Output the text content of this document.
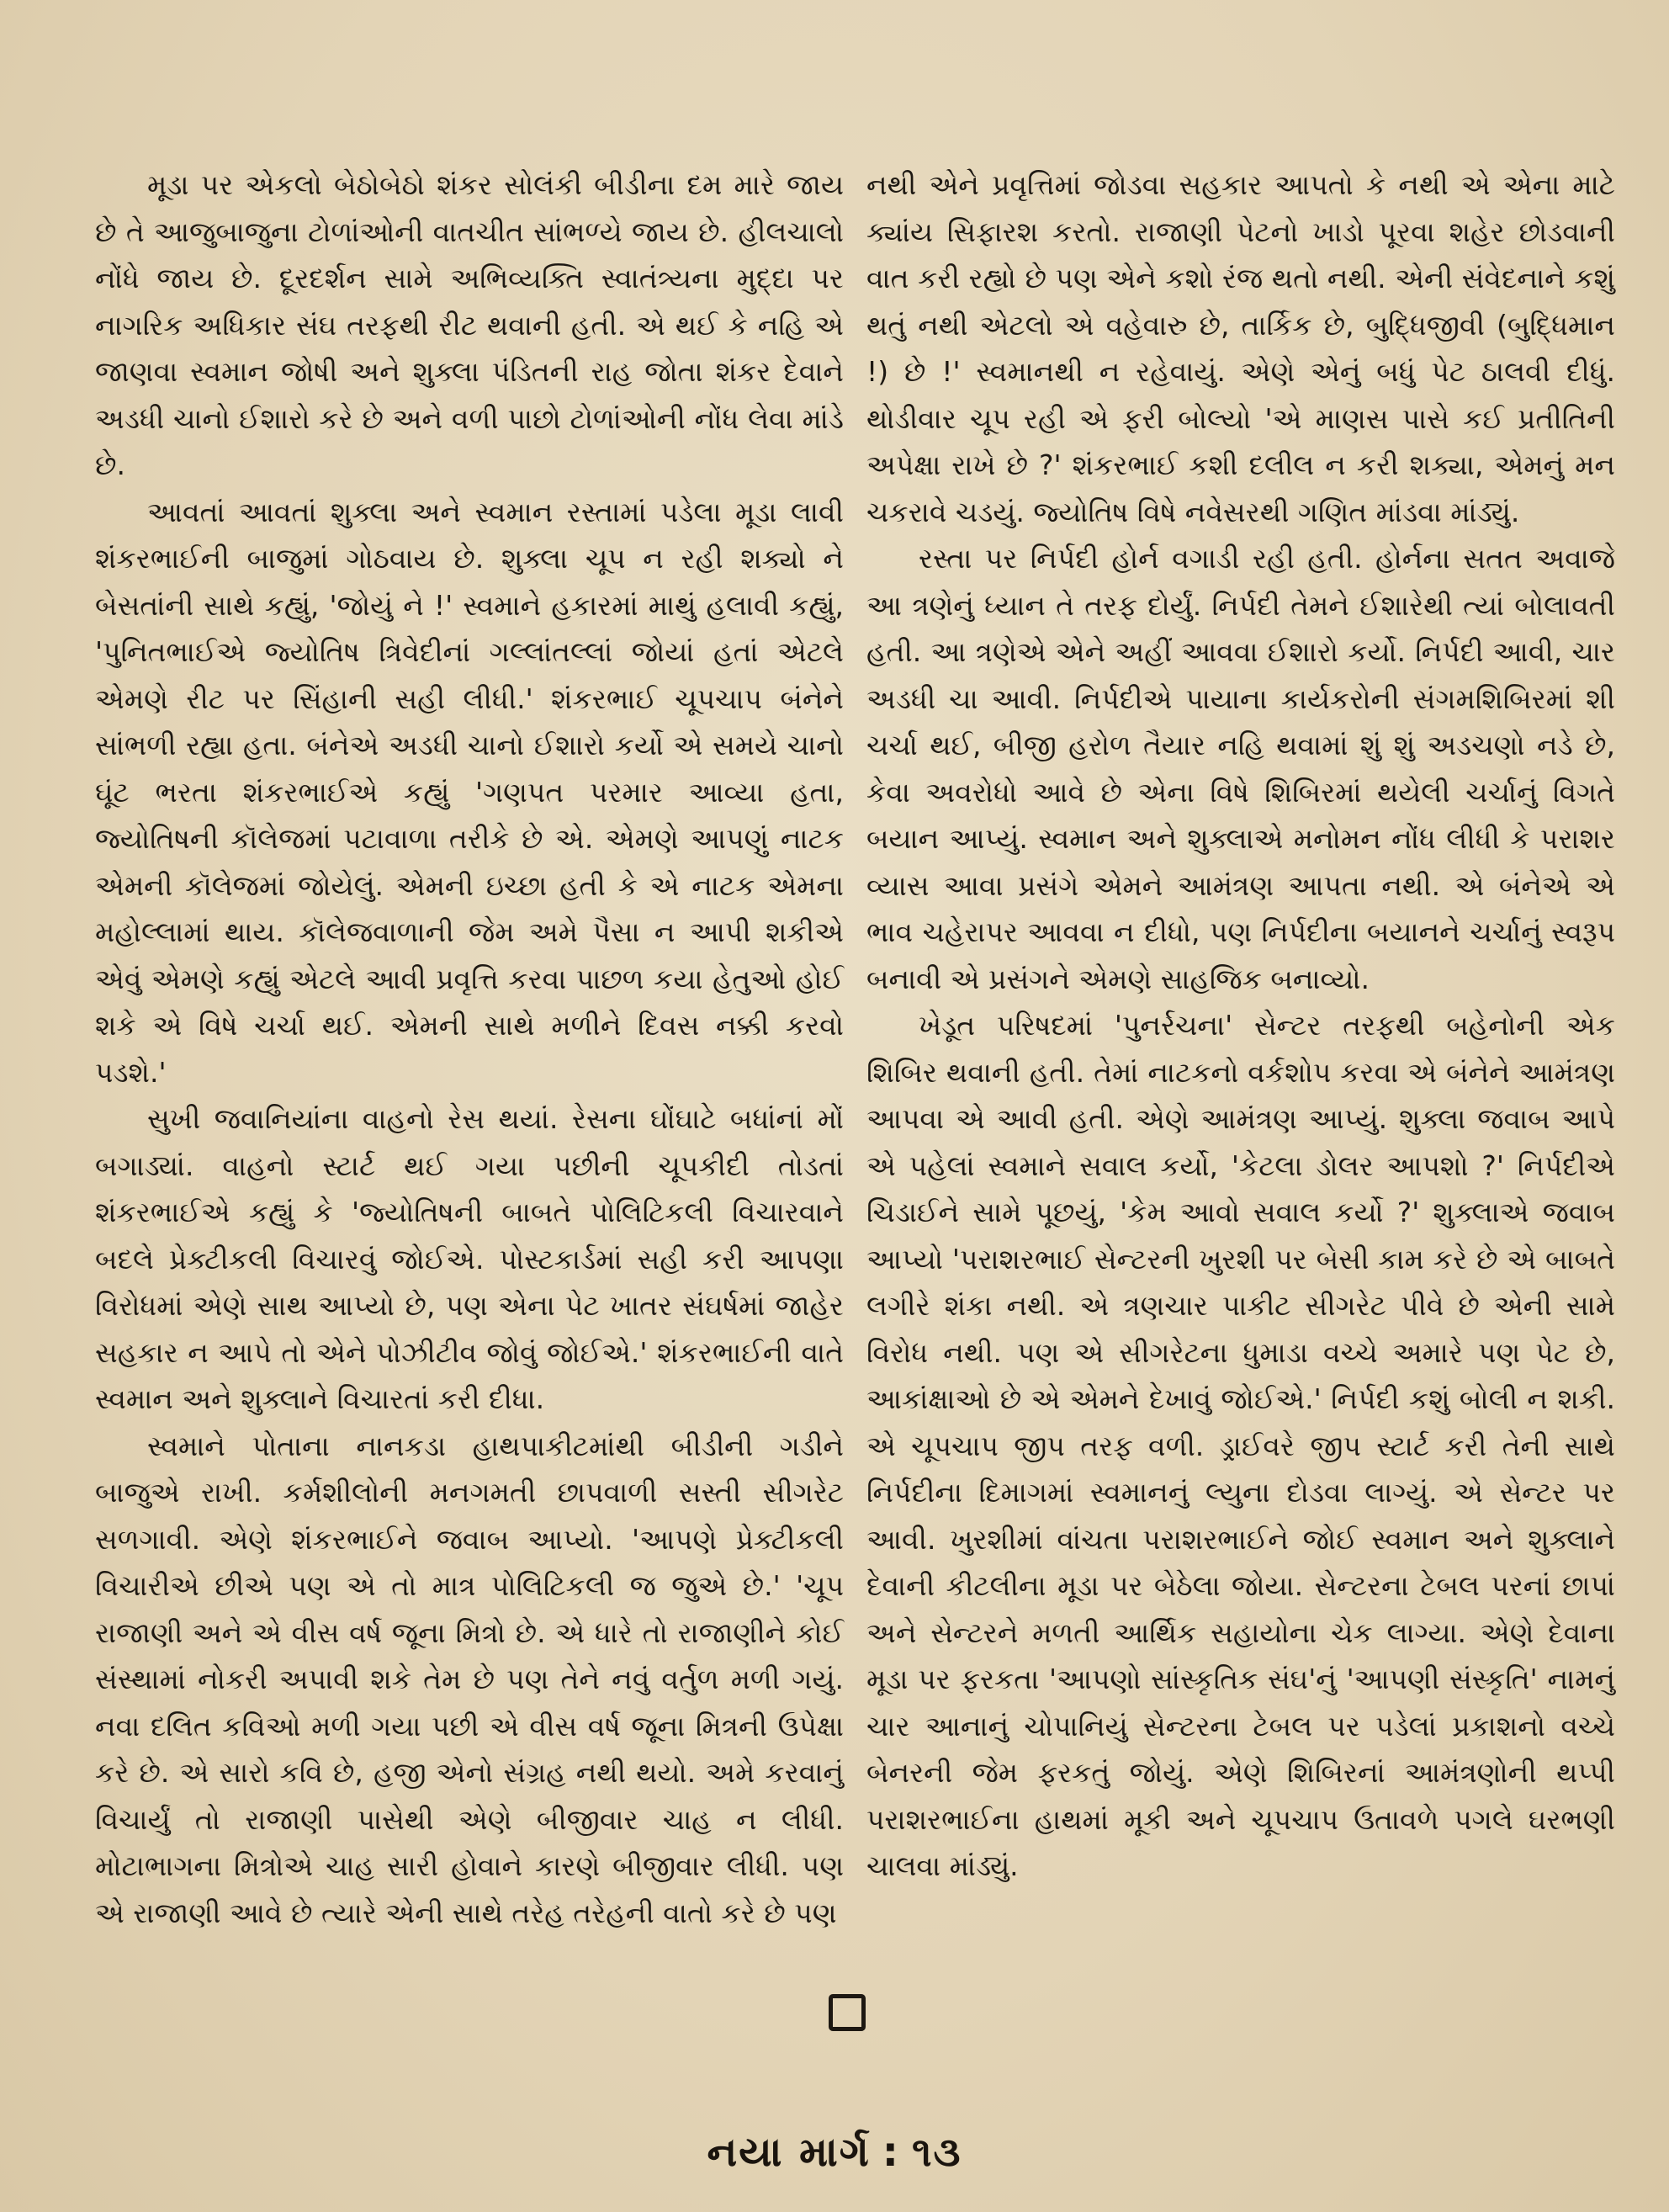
મૂડા પર એકલો બેઠોબેઠો શંકર સોલંકી બીડીના દમ મારે જાય છે તે આજુબાજુના ટોળાંઓની વાતચીત સાંભળ્યે જાય છે. હીલચાલો નોંધે જાય છે. દૂરદર્શન સામે અભિવ્યક્તિ સ્વાતંત્ર્યના મુદ્દા પર નાગરિક અધિકાર સંઘ તરફથી રીટ થવાની હતી. એ થઈ કે નહિ એ જાણવા સ્વમાન જોષી અને શુક્લા પંડિતની રાહ જોતા શંકર દેવાને અડધી ચાનો ઈશારો કરે છે અને વળી પાછો ટોળાંઓની નોંધ લેવા માંડે છે.

આવતાં આવતાં શુક્લા અને સ્વમાન રસ્તામાં પડેલા મૂડા લાવી શંકરભાઈની બાજુમાં ગોઠવાય છે. શુક્લા ચૂપ ન રહી શક્યો ને બેસતાંની સાથે કહ્યું, 'જોયું ને !' સ્વમાને હકારમાં માથું હલાવી કહ્યું, 'પુનિતભાઈએ જ્યોતિષ ત્રિવેદીનાં ગલ્લાંતલ્લાં જોયાં હતાં એટલે એમણે રીટ પર સિંહાની સહી લીધી.' શંકરભાઈ ચૂપચાપ બંનેને સાંભળી રહ્યા હતા. બંનેએ અડધી ચાનો ઈશારો કર્યો એ સમયે ચાનો ઘૂંટ ભરતા શંકરભાઈએ કહ્યું 'ગણપત પરમાર આવ્યા હતા, જ્યોતિષની કૉલેજમાં પટાવાળા તરીકે છે એ. એમણે આપણું નાટક એમની કૉલેજમાં જોયેલું. એમની ઇચ્છા હતી કે એ નાટક એમના મહોલ્લામાં થાય. કૉલેજવાળાની જેમ અમે પૈસા ન આપી શકીએ એવું એમણે કહ્યું એટલે આવી પ્રવૃત્તિ કરવા પાછળ કયા હેતુઓ હોઈ શકે એ વિષે ચર્ચા થઈ. એમની સાથે મળીને દિવસ નક્કી કરવો પડશે.'

સુખી જવાનિયાંના વાહનો રેસ થયાં. રેસના ઘોંઘાટે બધાંનાં મોં બગાડ્યાં. વાહનો સ્ટાર્ટ થઈ ગયા પછીની ચૂપકીદી તોડતાં શંકરભાઈએ કહ્યું કે 'જ્યોતિષની બાબતે પોલિટિકલી વિચારવાને બદલે પ્રેક્ટીકલી વિચારવું જોઈએ. પોસ્ટકાર્ડમાં સહી કરી આપણા વિરોધમાં એણે સાથ આપ્યો છે, પણ એના પેટ ખાતર સંઘર્ષમાં જાહેર સહકાર ન આપે તો એને પોઝીટીવ જોવું જોઈએ.' શંકરભાઈની વાતે સ્વમાન અને શુક્લાને વિચારતાં કરી દીધા.

સ્વમાને પોતાના નાનકડા હાથપાકીટમાંથી બીડીની ગડીને બાજુએ રાખી. કર્મશીલોની મનગમતી છાપવાળી સસ્તી સીગરેટ સળગાવી. એણે શંકરભાઈને જવાબ આપ્યો. 'આપણે પ્રેક્ટીકલી વિચારીએ છીએ પણ એ તો માત્ર પોલિટિકલી જ જુએ છે.' 'ચૂપ રાજાણી અને એ વીસ વર્ષ જૂના મિત્રો છે. એ ધારે તો રાજાણીને કોઈ સંસ્થામાં નોકરી અપાવી શકે તેમ છે પણ તેને નવું વર્તુળ મળી ગયું. નવા દલિત કવિઓ મળી ગયા પછી એ વીસ વર્ષ જૂના મિત્રની ઉપેક્ષા કરે છે. એ સારો કવિ છે, હજી એનો સંગ્રહ નથી થયો. અમે કરવાનું વિચાર્યું તો રાજાણી પાસેથી એણે બીજીવાર ચાહ ન લીધી. મોટાભાગના મિત્રોએ ચાહ સારી હોવાને કારણે બીજીવાર લીધી. પણ એ રાજાણી આવે છે ત્યારે એની સાથે તરેહ તરેહની વાતો કરે છે પણ

નથી એને પ્રવૃત્તિમાં જોડવા સહકાર આપતો કે નથી એ એના માટે ક્યાંય સિફારશ કરતો. રાજાણી પેટનો ખાડો પૂરવા શહેર છોડવાની વાત કરી રહ્યો છે પણ એને કશો રંજ થતો નથી. એની સંવેદનાને કશું થતું નથી એટલો એ વહેવારુ છે, તાર્કિક છે, બુદ્ધિજીવી (બુદ્ધિમાન !) છે !' સ્વમાનથી ન રહેવાયું. એણે એનું બધું પેટ ઠાલવી દીધું. થોડીવાર ચૂપ રહી એ ફરી બોલ્યો 'એ માણસ પાસે કઈ પ્રતીતિની અપેક્ષા રાખે છે ?' શંકરભાઈ કશી દલીલ ન કરી શક્યા, એમનું મન ચકરાવે ચડયું. જ્યોતિષ વિષે નવેસરથી ગણિત માંડવા માંડ્યું.

રસ્તા પર નિર્પદી હોર્ન વગાડી રહી હતી. હોર્નના સતત અવાજે આ ત્રણેનું ધ્યાન તે તરફ દોર્યું. નિર્પદી તેમને ઈશારેથી ત્યાં બોલાવતી હતી. આ ત્રણેએ એને અહીં આવવા ઈશારો કર્યો. નિર્પદી આવી, ચાર અડધી ચા આવી. નિર્પદીએ પાયાના કાર્યકરોની સંગમશિબિરમાં શી ચર્ચા થઈ, બીજી હરોળ તૈયાર નહિ થવામાં શું શું અડચણો નડે છે, કેવા અવરોધો આવે છે એના વિષે શિબિરમાં થયેલી ચર્ચાનું વિગતે બયાન આપ્યું. સ્વમાન અને શુક્લાએ મનોમન નોંધ લીધી કે પરાશર વ્યાસ આવા પ્રસંગે એમને આમંત્રણ આપતા નથી. એ બંનેએ એ ભાવ ચહેરાપર આવવા ન દીધો, પણ નિર્પદીના બયાનને ચર્ચાનું સ્વરૂપ બનાવી એ પ્રસંગને એમણે સાહજિક બનાવ્યો.

ખેડૂત પરિષદમાં 'પુનર્રચના' સેન્ટર તરફથી બહેનોની એક શિબિર થવાની હતી. તેમાં નાટકનો વર્કશોપ કરવા એ બંનેને આમંત્રણ આપવા એ આવી હતી. એણે આમંત્રણ આપ્યું. શુક્લા જવાબ આપે એ પહેલાં સ્વમાને સવાલ કર્યો, 'કેટલા ડોલર આપશો ?' નિર્પદીએ ચિડાઈને સામે પૂછયું, 'કેમ આવો સવાલ કર્યો ?' શુક્લાએ જવાબ આપ્યો 'પરાશરભાઈ સેન્ટરની ખુરશી પર બેસી કામ કરે છે એ બાબતે લગીરે શંકા નથી. એ ત્રણચાર પાકીટ સીગરેટ પીવે છે એની સામે વિરોધ નથી. પણ એ સીગરેટના ધુમાડા વચ્ચે અમારે પણ પેટ છે, આકાંક્ષાઓ છે એ એમને દેખાવું જોઈએ.' નિર્પદી કશું બોલી ન શકી. એ ચૂપચાપ જીપ તરફ વળી. ડ્રાઈવરે જીપ સ્ટાર્ટ કરી તેની સાથે નિર્પદીના દિમાગમાં સ્વમાનનું લ્યુના દોડવા લાગ્યું. એ સેન્ટર પર આવી. ખુરશીમાં વાંચતા પરાશરભાઈને જોઈ સ્વમાન અને શુક્લાને દેવાની કીટલીના મૂડા પર બેઠેલા જોયા. સેન્ટરના ટેબલ પરનાં છાપાં અને સેન્ટરને મળતી આર્થિક સહાયોના ચેક લાગ્યા. એણે દેવાના મૂડા પર ફરકતા 'આપણો સાંસ્કૃતિક સંઘ'નું 'આપણી સંસ્કૃતિ' નામનું ચાર આનાનું ચોપાનિયું સેન્ટરના ટેબલ પર પડેલાં પ્રકાશનો વચ્ચે બેનરની જેમ ફરકતું જોયું. એણે શિબિરનાં આમંત્રણોની થપ્પી પરાશરભાઈના હાથમાં મૂકી અને ચૂપચાપ ઉતાવળે પગલે ઘરભણી ચાલવા માંડ્યું.

નયા માર્ગ : ૧૩
